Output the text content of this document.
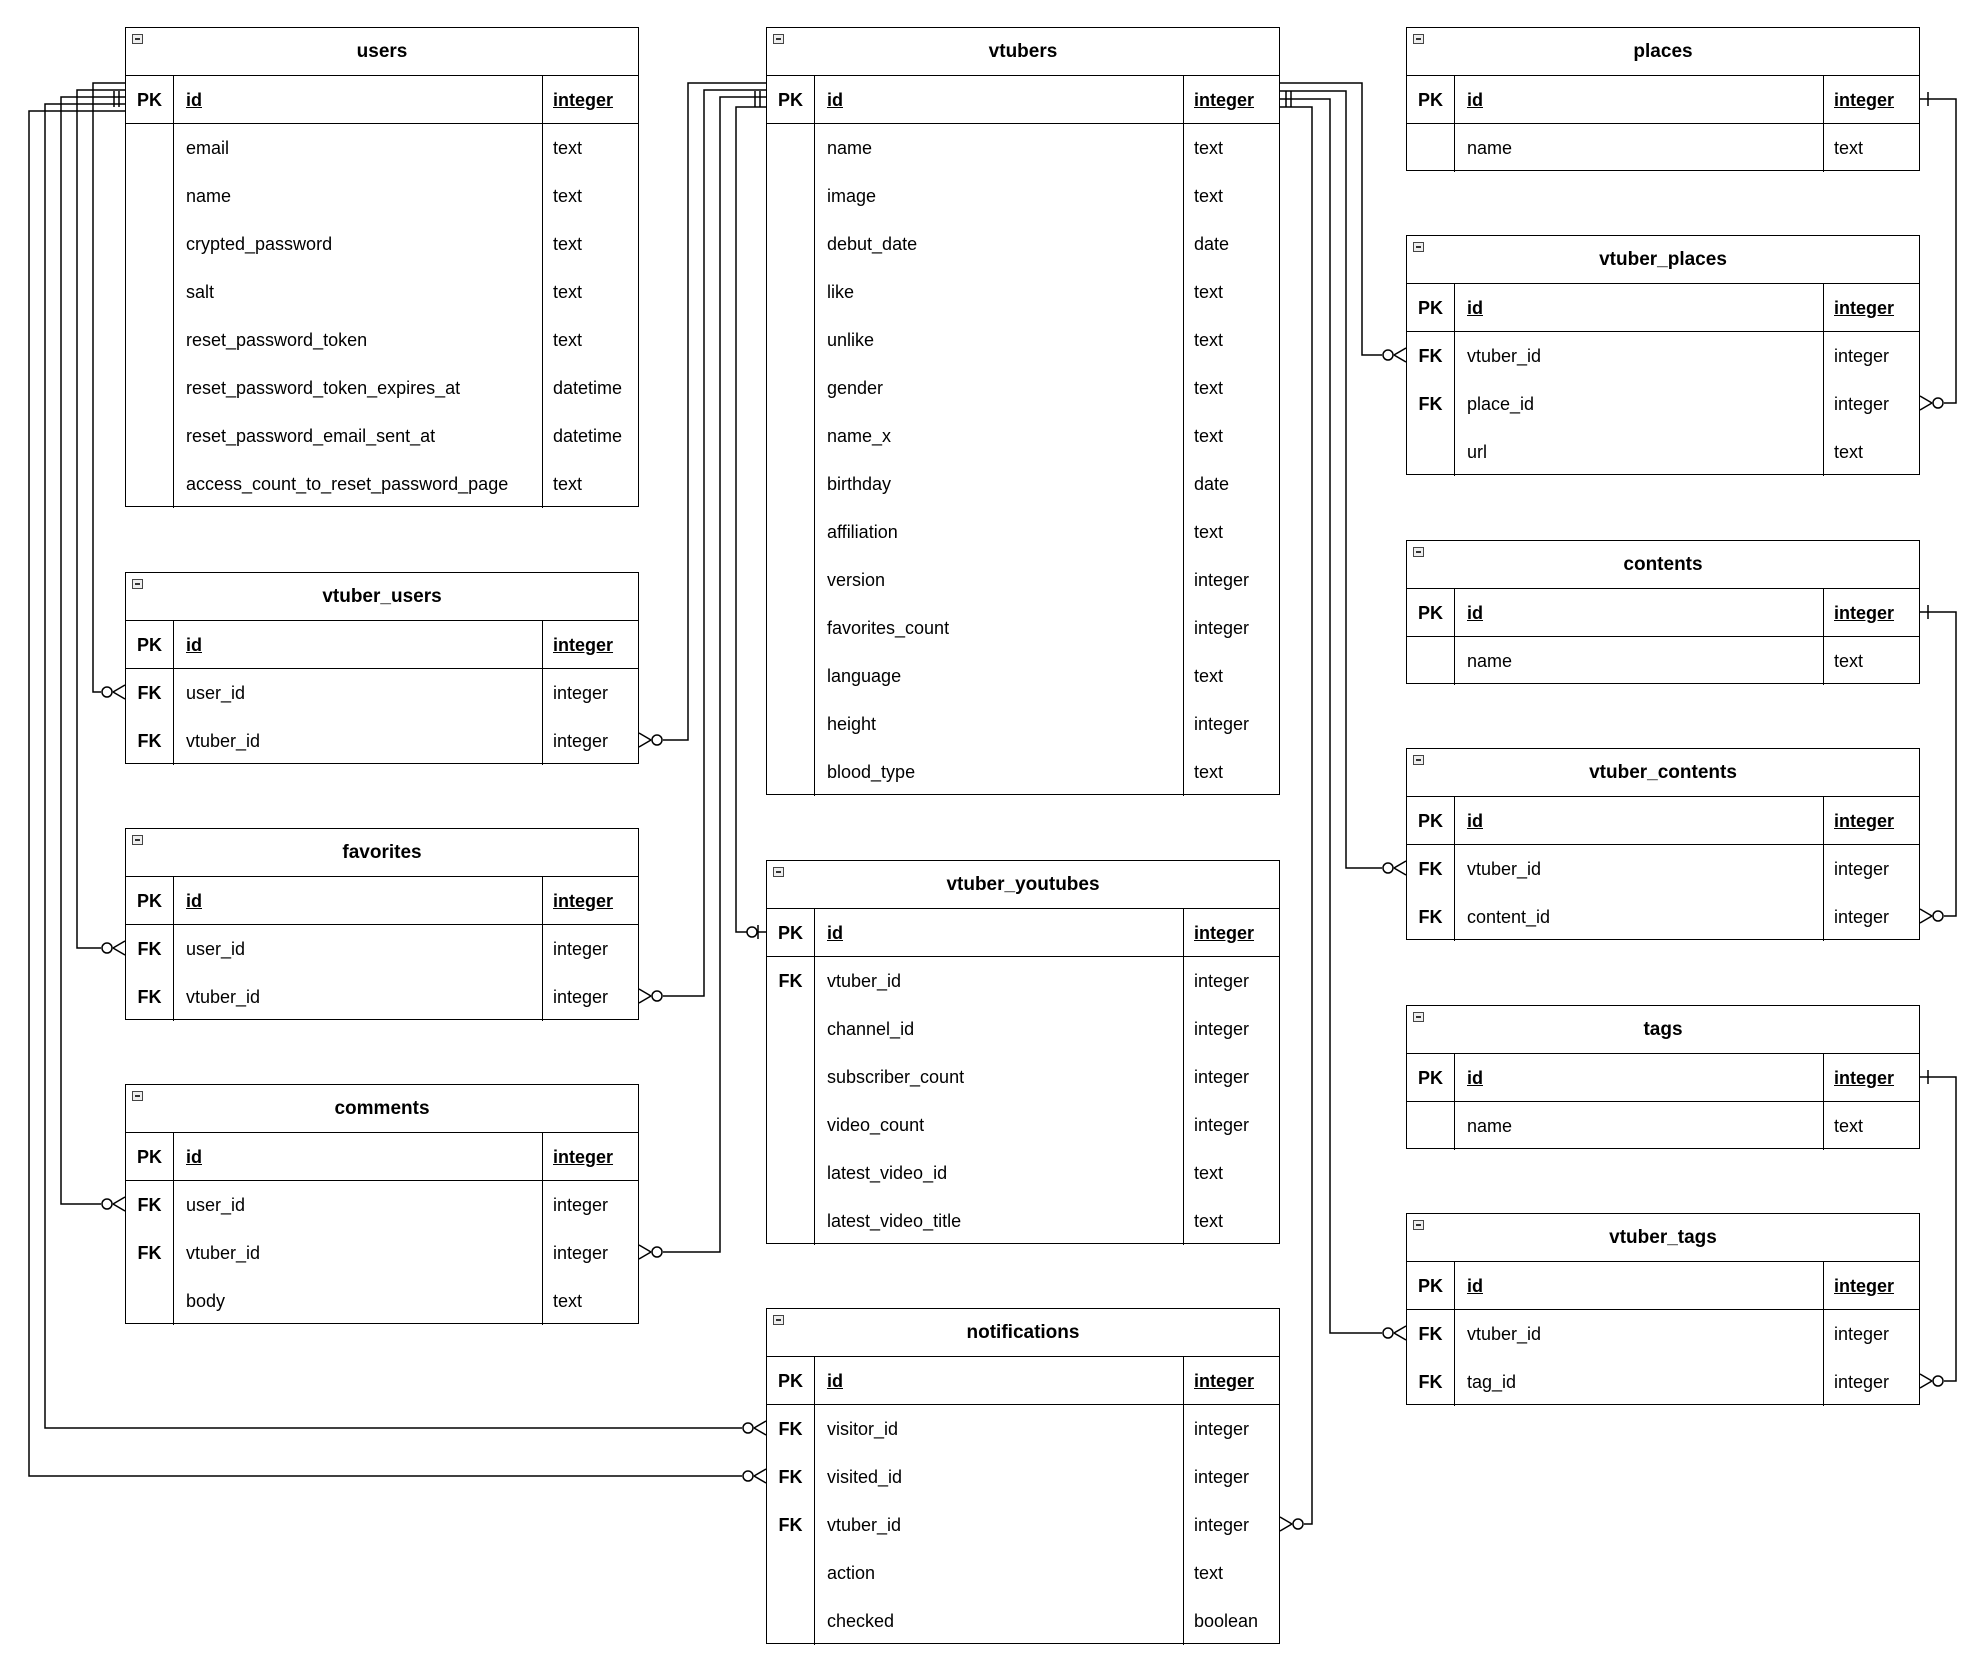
users
PK	id	integer
email	text
name	text
crypted_password	text
salt	text
reset_password_token	text
reset_password_token_expires_at	datetime
reset_password_email_sent_at	datetime
access_count_to_reset_password_page	text
vtuber_users
PK	id	integer
FK	user_id	integer
FK	vtuber_id	integer
favorites
PK	id	integer
FK	user_id	integer
FK	vtuber_id	integer
comments
PK	id	integer
FK	user_id	integer
FK	vtuber_id	integer
body	text
vtubers
PK	id	integer
name	text
image	text
debut_date	date
like	text
unlike	text
gender	text
name_x	text
birthday	date
affiliation	text
version	integer
favorites_count	integer
language	text
height	integer
blood_type	text
vtuber_youtubes
PK	id	integer
FK	vtuber_id	integer
channel_id	integer
subscriber_count	integer
video_count	integer
latest_video_id	text
latest_video_title	text
notifications
PK	id	integer
FK	visitor_id	integer
FK	visited_id	integer
FK	vtuber_id	integer
action	text
checked	boolean
places
PK	id	integer
name	text
vtuber_places
PK	id	integer
FK	vtuber_id	integer
FK	place_id	integer
url	text
contents
PK	id	integer
name	text
vtuber_contents
PK	id	integer
FK	vtuber_id	integer
FK	content_id	integer
tags
PK	id	integer
name	text
vtuber_tags
PK	id	integer
FK	vtuber_id	integer
FK	tag_id	integer
